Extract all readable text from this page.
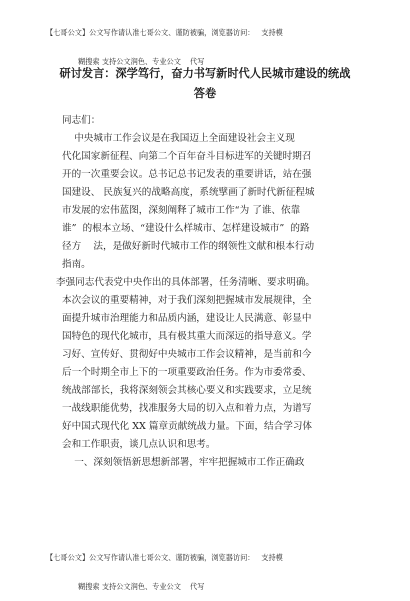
【七哥公文】公文写作请认准七哥公文、谨防被骗，浏览器访问：   支持模

糊搜索 支持公文润色、专业公文    代写

研讨发言：深学笃行，奋力书写新时代人民城市建设的统战
答卷

同志们：

中央城市工作会议是在我国迈上全面建设社会主义现

代化国家新征程、向第二个百年奋斗目标进军的关键时期召

开的一次重要会议。总书记总书记发表的重要讲话，站在强

国建设、 民族复兴的战略高度，系统擘画了新时代新征程城

市发展的宏伟蓝图，深刻阐释了城市工作“为 了谁、依靠

谁”  的根本立场、“建设什么样城市、怎样建设城市”  的路

径方    法，是做好新时代城市工作的纲领性文献和根本行动

指南。

李强同志代表党中央作出的具体部署，任务清晰、要求明确。

本次会议的重要精神，对于我们深刻把握城市发展规律，全

面提升城市治理能力和品质内涵，建设让人民满意、彰显中

国特色的现代化城市，具有极其重大而深远的指导意义。学

习好、宣传好、贯彻好中央城市工作会议精神，是当前和今

后一个时期全市上下的一项重要政治任务。作为市委常委、

统战部部长，我将深刻领会其核心要义和实践要求，立足统

一战线职能优势，找准服务大局的切入点和着力点，为谱写

好中国式现代化 XX 篇章贡献统战力量。下面，结合学习体

会和工作职责，谈几点认识和思考。

一、深刻领悟新思想新部署，牢牢把握城市工作正确政

【七哥公文】公文写作请认准七哥公文、谨防被骗，浏览器访问：   支持模

糊搜索 支持公文润色、专业公文    代写
